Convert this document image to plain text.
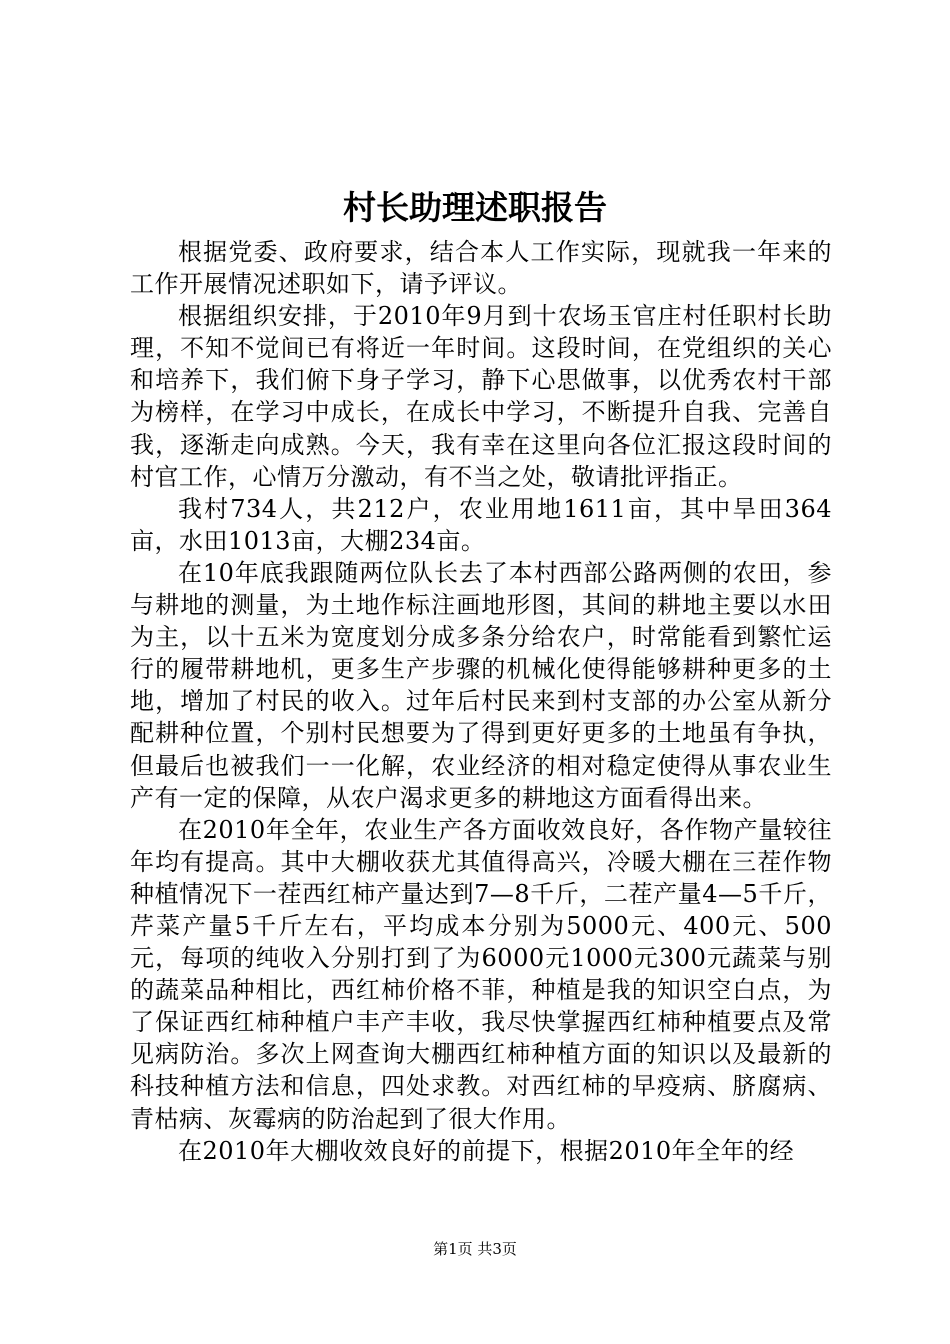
村长助理述职报告

根据党委、政府要求，结合本人工作实际，现就我一年来的工作开展情况述职如下，请予评议。

根据组织安排，于2010年9月到十农场玉官庄村任职村长助理，不知不觉间已有将近一年时间。这段时间，在党组织的关心和培养下，我们俯下身子学习，静下心思做事，以优秀农村干部为榜样，在学习中成长，在成长中学习，不断提升自我、完善自我，逐渐走向成熟。今天，我有幸在这里向各位汇报这段时间的村官工作，心情万分激动，有不当之处，敬请批评指正。

我村734人，共212户，农业用地1611亩，其中旱田364亩，水田1013亩，大棚234亩。

在10年底我跟随两位队长去了本村西部公路两侧的农田，参与耕地的测量，为土地作标注画地形图，其间的耕地主要以水田为主，以十五米为宽度划分成多条分给农户，时常能看到繁忙运行的履带耕地机，更多生产步骤的机械化使得能够耕种更多的土地，增加了村民的收入。过年后村民来到村支部的办公室从新分配耕种位置，个别村民想要为了得到更好更多的土地虽有争执，但最后也被我们一一化解，农业经济的相对稳定使得从事农业生产有一定的保障，从农户渴求更多的耕地这方面看得出来。

在2010年全年，农业生产各方面收效良好，各作物产量较往年均有提高。其中大棚收获尤其值得高兴，冷暖大棚在三茬作物种植情况下一茬西红柿产量达到7—8千斤，二茬产量4—5千斤，芹菜产量5千斤左右，平均成本分别为5000元、400元、500元，每项的纯收入分别打到了为6000元1000元300元蔬菜与别的蔬菜品种相比，西红柿价格不菲，种植是我的知识空白点，为了保证西红柿种植户丰产丰收，我尽快掌握西红柿种植要点及常见病防治。多次上网查询大棚西红柿种植方面的知识以及最新的科技种植方法和信息，四处求教。对西红柿的早疫病、脐腐病、青枯病、灰霉病的防治起到了很大作用。

在2010年大棚收效良好的前提下，根据2010年全年的经

第1页 共3页
